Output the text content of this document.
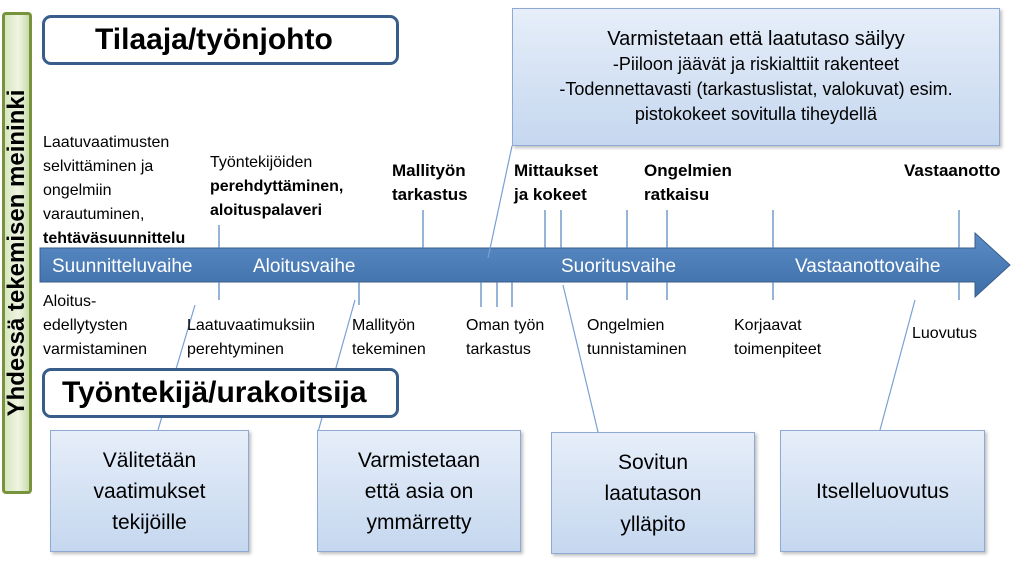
Yhdessä tekemisen meininki
Tilaaja/työnjohto
Työntekijä/urakoitsija
Varmistetaan että laatutaso säilyy
-Piiloon jäävät ja riskialttiit rakenteet
-Todennettavasti (tarkastuslistat, valokuvat) esim.
pistokokeet sovitulla tiheydellä
Suunnitteluvaihe	Aloitusvaihe	Suoritusvaihe	Vastaanottovaihe
Laatuvaatimusten
selvittäminen ja
ongelmiin
varautuminen,
tehtäväsuunnittelu
Työntekijöiden
perehdyttäminen,
aloituspalaveri
Mallityön
tarkastus
Mittaukset
ja kokeet
Ongelmien
ratkaisu
Vastaanotto
Aloitus-
edellytysten
varmistaminen
Laatuvaatimuksiin
perehtyminen
Mallityön
tekeminen
Oman työn
tarkastus
Ongelmien
tunnistaminen
Korjaavat
toimenpiteet
Luovutus
Välitetään
vaatimukset
tekijöille
Varmistetaan
että asia on
ymmärretty
Sovitun
laatutason
ylläpito
Itselleluovutus
